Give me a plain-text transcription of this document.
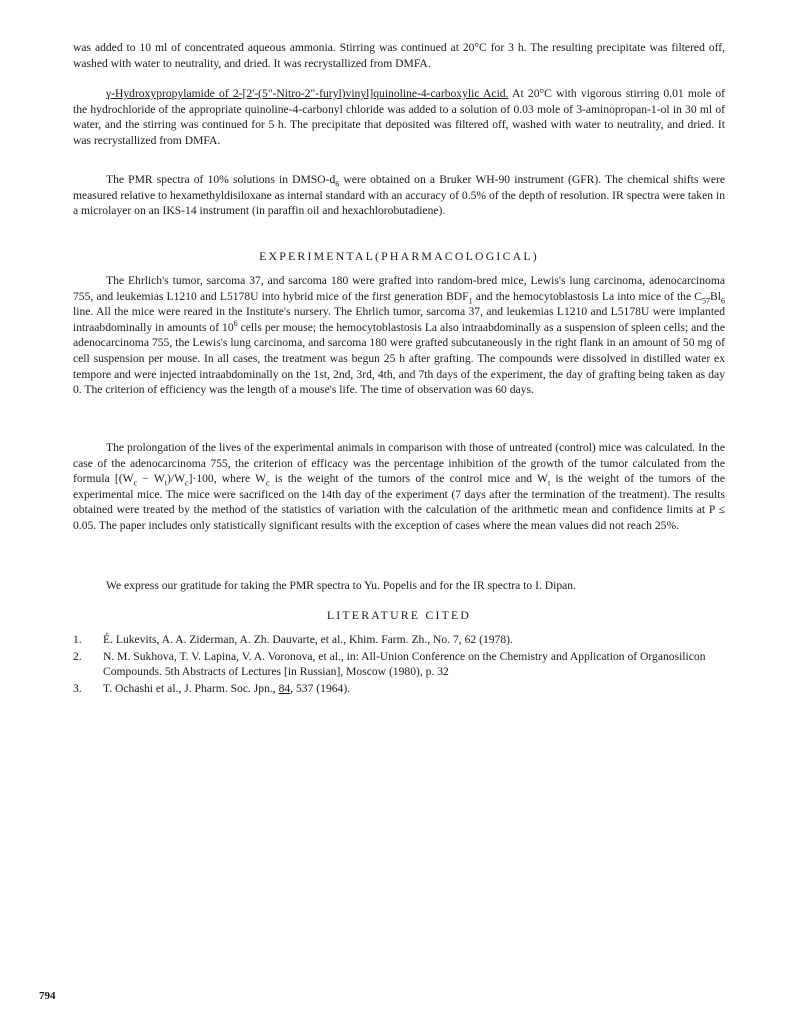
was added to 10 ml of concentrated aqueous ammonia. Stirring was continued at 20°C for 3 h. The resulting precipitate was filtered off, washed with water to neutrality, and dried. It was recrystallized from DMFA.

γ-Hydroxypropylamide of 2-[2'-(5"-Nitro-2"-furyl)vinyl]quinoline-4-carboxylic Acid. At 20°C with vigorous stirring 0.01 mole of the hydrochloride of the appropriate quinoline-4-carbonyl chloride was added to a solution of 0.03 mole of 3-aminopropan-1-ol in 30 ml of water, and the stirring was continued for 5 h. The precipitate that deposited was filtered off, washed with water to neutrality, and dried. It was recrystallized from DMFA.

The PMR spectra of 10% solutions in DMSO-$d_6$ were obtained on a Bruker WH-90 instrument (GFR). The chemical shifts were measured relative to hexamethyldisiloxane as internal standard with an accuracy of 0.5% of the depth of resolution. IR spectra were taken in a microlayer on an IKS-14 instrument (in paraffin oil and hexachlorobutadiene).

EXPERIMENTAL(PHARMACOLOGICAL)

The Ehrlich's tumor, sarcoma 37, and sarcoma 180 were grafted into random-bred mice, Lewis's lung carcinoma, adenocarcinoma 755, and leukemias L1210 and L5178U into hybrid mice of the first generation $BDF_1$ and the hemocytoblastosis La into mice of the $C_{57}Bl_6$ line. All the mice were reared in the Institute's nursery. The Ehrlich tumor, sarcoma 37, and leukemias L1210 and L5178U were implanted intraabdominally in amounts of $10^6$ cells per mouse; the hemocytoblastosis La also intraabdominally as a suspension of spleen cells; and the adenocarcinoma 755, the Lewis's lung carcinoma, and sarcoma 180 were grafted subcutaneously in the right flank in an amount of 50 mg of cell suspension per mouse. In all cases, the treatment was begun 25 h after grafting. The compounds were dissolved in distilled water ex tempore and were injected intraabdominally on the 1st, 2nd, 3rd, 4th, and 7th days of the experiment, the day of grafting being taken as day 0. The criterion of efficiency was the length of a mouse's life. The time of observation was 60 days.

The prolongation of the lives of the experimental animals in comparison with those of untreated (control) mice was calculated. In the case of the adenocarcinoma 755, the criterion of efficacy was the percentage inhibition of the growth of the tumor calculated from the formula $[(W_c - W_t)/W_c]\cdot 100$, where $W_c$ is the weight of the tumors of the control mice and $W_t$ is the weight of the tumors of the experimental mice. The mice were sacrificed on the 14th day of the experiment (7 days after the termination of the treatment). The results obtained were treated by the method of the statistics of variation with the calculation of the arithmetic mean and confidence limits at P ≤ 0.05. The paper includes only statistically significant results with the exception of cases where the mean values did not reach 25%.

We express our gratitude for taking the PMR spectra to Yu. Popelis and for the IR spectra to I. Dipan.

LITERATURE CITED

1. É. Lukevits, A. A. Ziderman, A. Zh. Dauvarte, et al., Khim. Farm. Zh., No. 7, 62 (1978).
2. N. M. Sukhova, T. V. Lapina, V. A. Voronova, et al., in: All-Union Conference on the Chemistry and Application of Organosilicon Compounds. 5th Abstracts of Lectures [in Russian], Moscow (1980), p. 32
3. T. Ochashi et al., J. Pharm. Soc. Jpn., 84, 537 (1964).
794
